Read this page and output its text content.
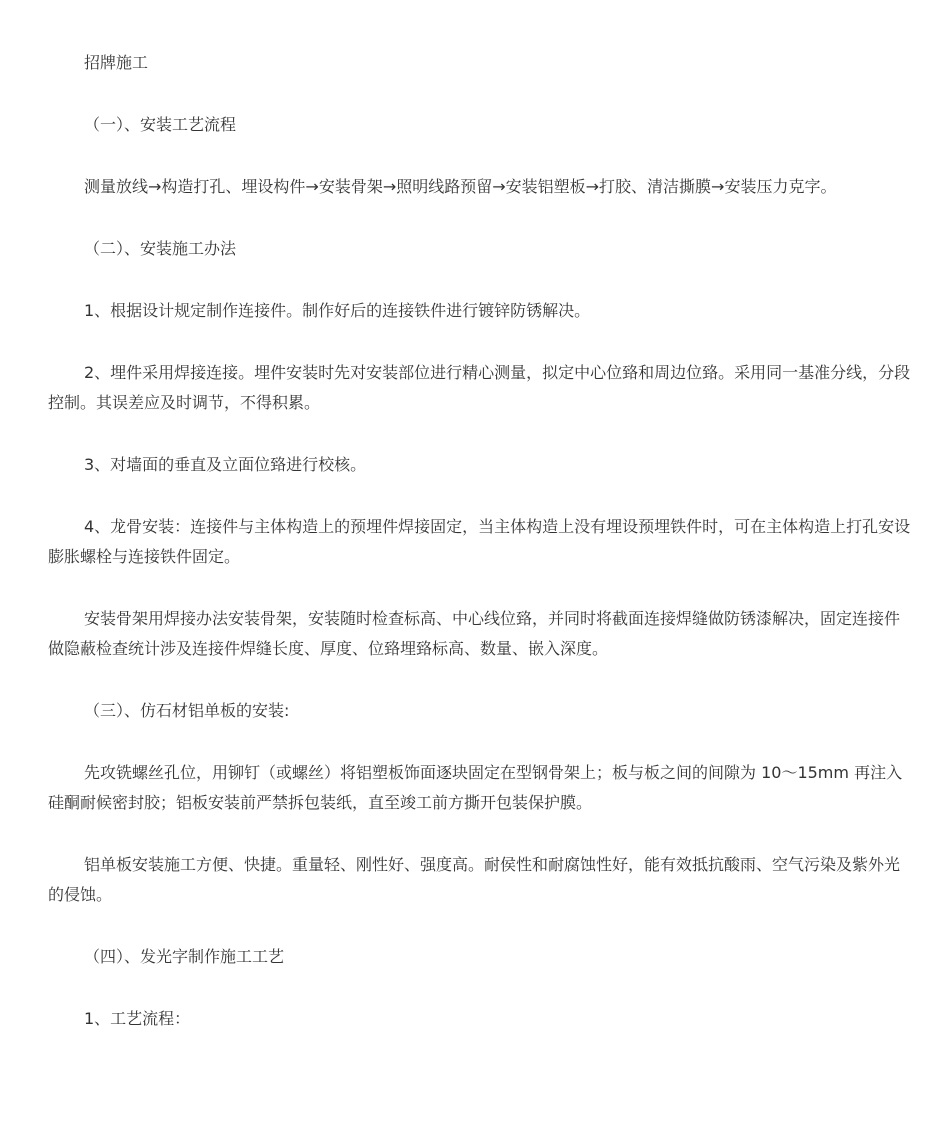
招牌施工

（一）、安装工艺流程

测量放线→构造打孔、埋设构件→安装骨架→照明线路预留→安装铝塑板→打胶、清洁撕膜→安装压力克字。

（二）、安装施工办法

1、根据设计规定制作连接件。制作好后的连接铁件进行镀锌防锈解决。

2、埋件采用焊接连接。埋件安装时先对安装部位进行精心测量，拟定中心位臵和周边位臵。采用同一基准分线，分段控制。其误差应及时调节，不得积累。

3、对墙面的垂直及立面位臵进行校核。

4、龙骨安装：连接件与主体构造上的预埋件焊接固定，当主体构造上没有埋设预埋铁件时，可在主体构造上打孔安设膨胀螺栓与连接铁件固定。

安装骨架用焊接办法安装骨架，安装随时检查标高、中心线位臵，并同时将截面连接焊缝做防锈漆解决，固定连接件做隐蔽检查统计涉及连接件焊缝长度、厚度、位臵埋臵标高、数量、嵌入深度。

（三）、仿石材铝单板的安装:

先攻铣螺丝孔位，用铆钉（或螺丝）将铝塑板饰面逐块固定在型钢骨架上；板与板之间的间隙为 10～15mm 再注入硅酮耐候密封胶；铝板安装前严禁拆包装纸，直至竣工前方撕开包装保护膜。

铝单板安装施工方便、快捷。重量轻、刚性好、强度高。耐侯性和耐腐蚀性好，能有效抵抗酸雨、空气污染及紫外光的侵蚀。

（四）、发光字制作施工工艺

1、工艺流程：
